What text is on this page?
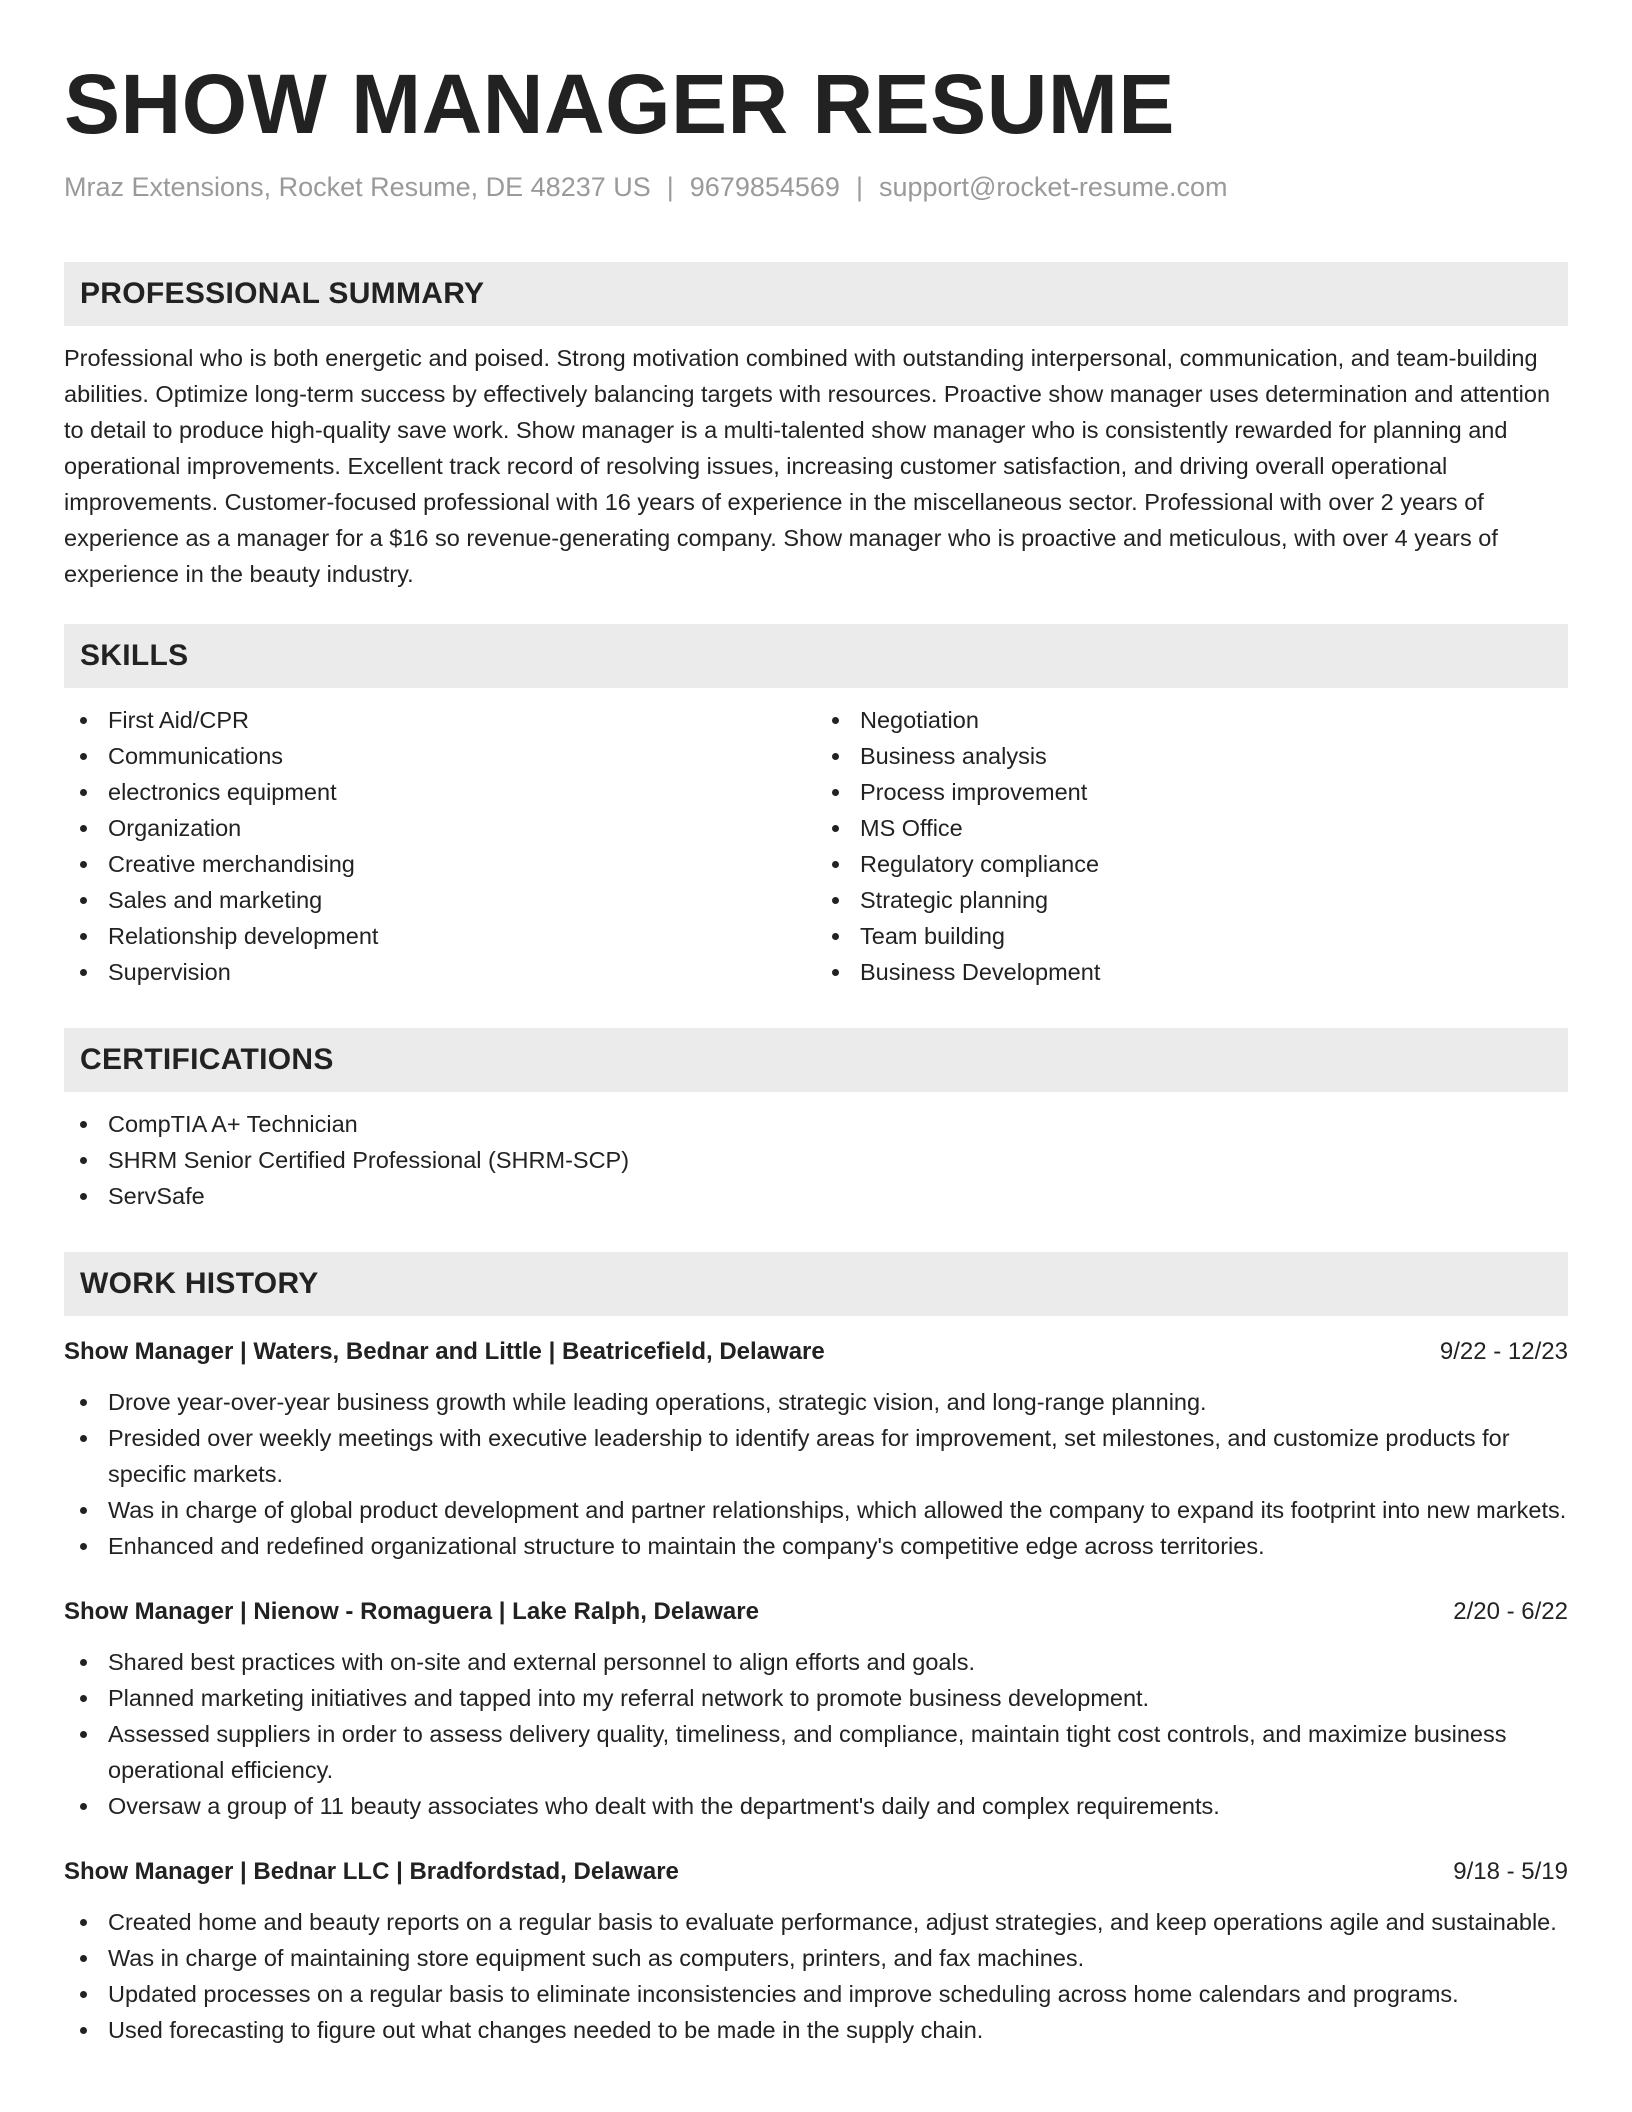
SHOW MANAGER RESUME
Mraz Extensions, Rocket Resume, DE 48237 US | 9679854569 | support@rocket-resume.com
PROFESSIONAL SUMMARY

Professional who is both energetic and poised. Strong motivation combined with outstanding interpersonal, communication, and team-building abilities. Optimize long-term success by effectively balancing targets with resources. Proactive show manager uses determination and attention to detail to produce high-quality save work. Show manager is a multi-talented show manager who is consistently rewarded for planning and operational improvements. Excellent track record of resolving issues, increasing customer satisfaction, and driving overall operational improvements. Customer-focused professional with 16 years of experience in the miscellaneous sector. Professional with over 2 years of experience as a manager for a $16 so revenue-generating company. Show manager who is proactive and meticulous, with over 4 years of experience in the beauty industry.

SKILLS
First Aid/CPR
Communications
electronics equipment
Organization
Creative merchandising
Sales and marketing
Relationship development
Supervision
Negotiation
Business analysis
Process improvement
MS Office
Regulatory compliance
Strategic planning
Team building
Business Development
CERTIFICATIONS
CompTIA A+ Technician
SHRM Senior Certified Professional (SHRM-SCP)
ServSafe
WORK HISTORY
Show Manager | Waters, Bednar and Little | Beatricefield, Delaware	9/22 - 12/23
Drove year-over-year business growth while leading operations, strategic vision, and long-range planning.
Presided over weekly meetings with executive leadership to identify areas for improvement, set milestones, and customize products for specific markets.
Was in charge of global product development and partner relationships, which allowed the company to expand its footprint into new markets.
Enhanced and redefined organizational structure to maintain the company's competitive edge across territories.
Show Manager | Nienow - Romaguera | Lake Ralph, Delaware	2/20 - 6/22
Shared best practices with on-site and external personnel to align efforts and goals.
Planned marketing initiatives and tapped into my referral network to promote business development.
Assessed suppliers in order to assess delivery quality, timeliness, and compliance, maintain tight cost controls, and maximize business operational efficiency.
Oversaw a group of 11 beauty associates who dealt with the department's daily and complex requirements.
Show Manager | Bednar LLC | Bradfordstad, Delaware	9/18 - 5/19
Created home and beauty reports on a regular basis to evaluate performance, adjust strategies, and keep operations agile and sustainable.
Was in charge of maintaining store equipment such as computers, printers, and fax machines.
Updated processes on a regular basis to eliminate inconsistencies and improve scheduling across home calendars and programs.
Used forecasting to figure out what changes needed to be made in the supply chain.
